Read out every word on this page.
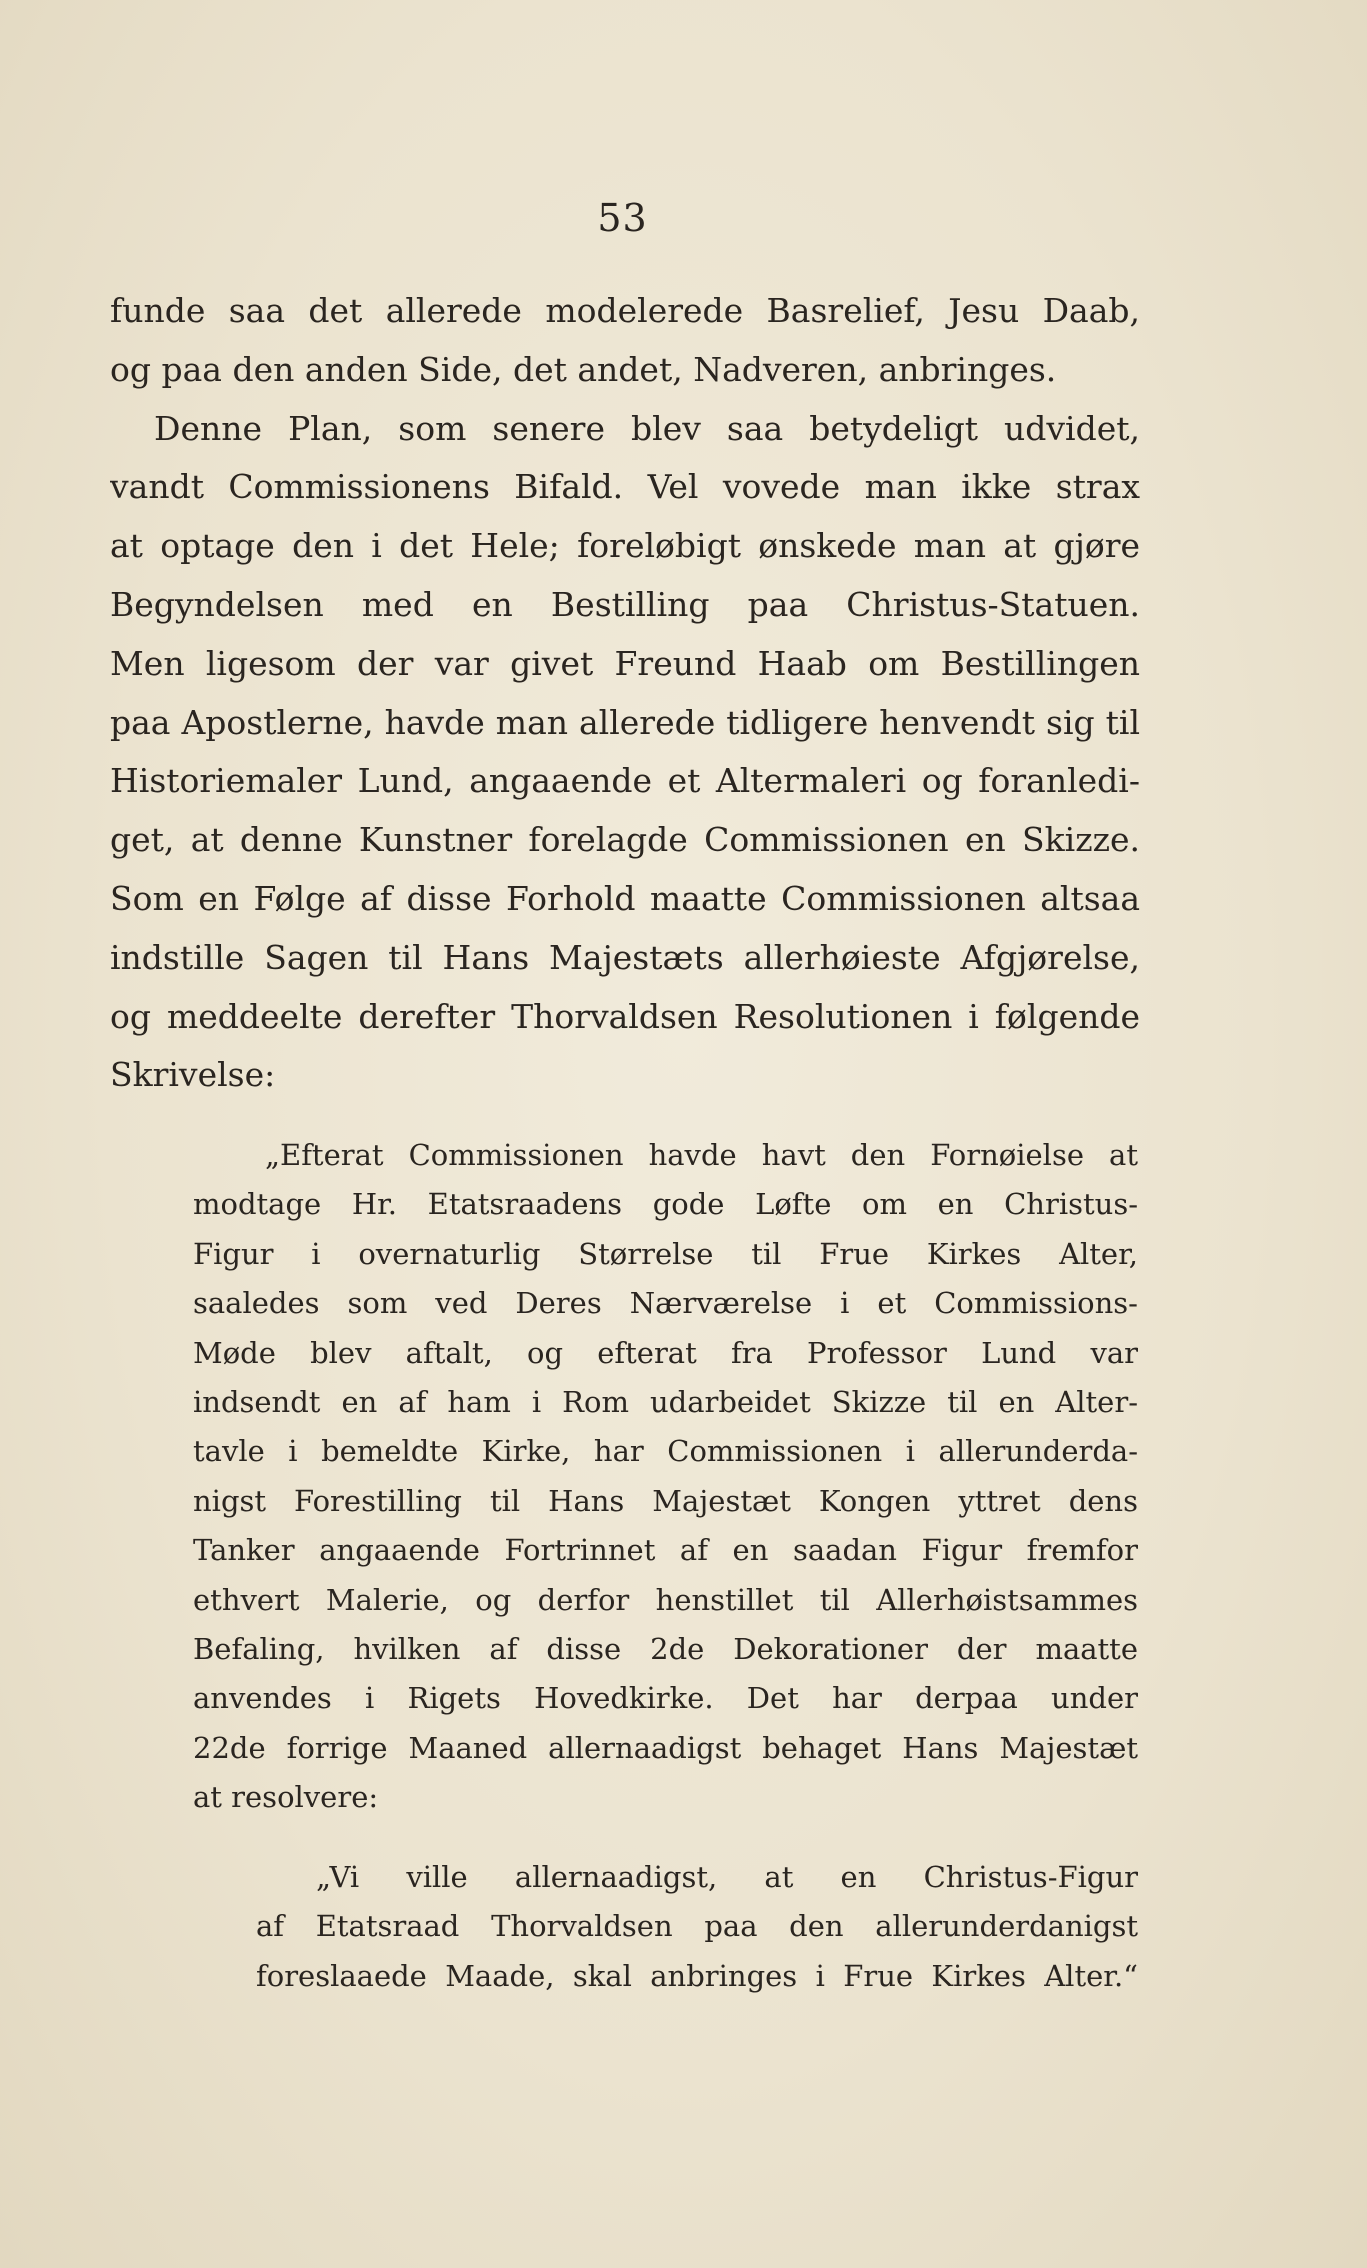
53
funde saa det allerede modelerede Basrelief, Jesu Daab,
og paa den anden Side, det andet, Nadveren, anbringes.
Denne Plan, som senere blev saa betydeligt udvidet,
vandt Commissionens Bifald. Vel vovede man ikke strax
at optage den i det Hele; foreløbigt ønskede man at gjøre
Begyndelsen med en Bestilling paa Christus-Statuen.
Men ligesom der var givet Freund Haab om Bestillingen
paa Apostlerne, havde man allerede tidligere henvendt sig til
Historiemaler Lund, angaaende et Altermaleri og foranledi-
get, at denne Kunstner forelagde Commissionen en Skizze.
Som en Følge af disse Forhold maatte Commissionen altsaa
indstille Sagen til Hans Majestæts allerhøieste Afgjørelse,
og meddeelte derefter Thorvaldsen Resolutionen i følgende
Skrivelse:
„Efterat Commissionen havde havt den Fornøielse at
modtage Hr. Etatsraadens gode Løfte om en Christus-
Figur i overnaturlig Størrelse til Frue Kirkes Alter,
saaledes som ved Deres Nærværelse i et Commissions-
Møde blev aftalt, og efterat fra Professor Lund var
indsendt en af ham i Rom udarbeidet Skizze til en Alter-
tavle i bemeldte Kirke, har Commissionen i allerunderda-
nigst Forestilling til Hans Majestæt Kongen yttret dens
Tanker angaaende Fortrinnet af en saadan Figur fremfor
ethvert Malerie, og derfor henstillet til Allerhøistsammes
Befaling, hvilken af disse 2de Dekorationer der maatte
anvendes i Rigets Hovedkirke. Det har derpaa under
22de forrige Maaned allernaadigst behaget Hans Majestæt
at resolvere:
„Vi ville allernaadigst, at en Christus-Figur
af Etatsraad Thorvaldsen paa den allerunderdanigst
foreslaaede Maade, skal anbringes i Frue Kirkes Alter.“
